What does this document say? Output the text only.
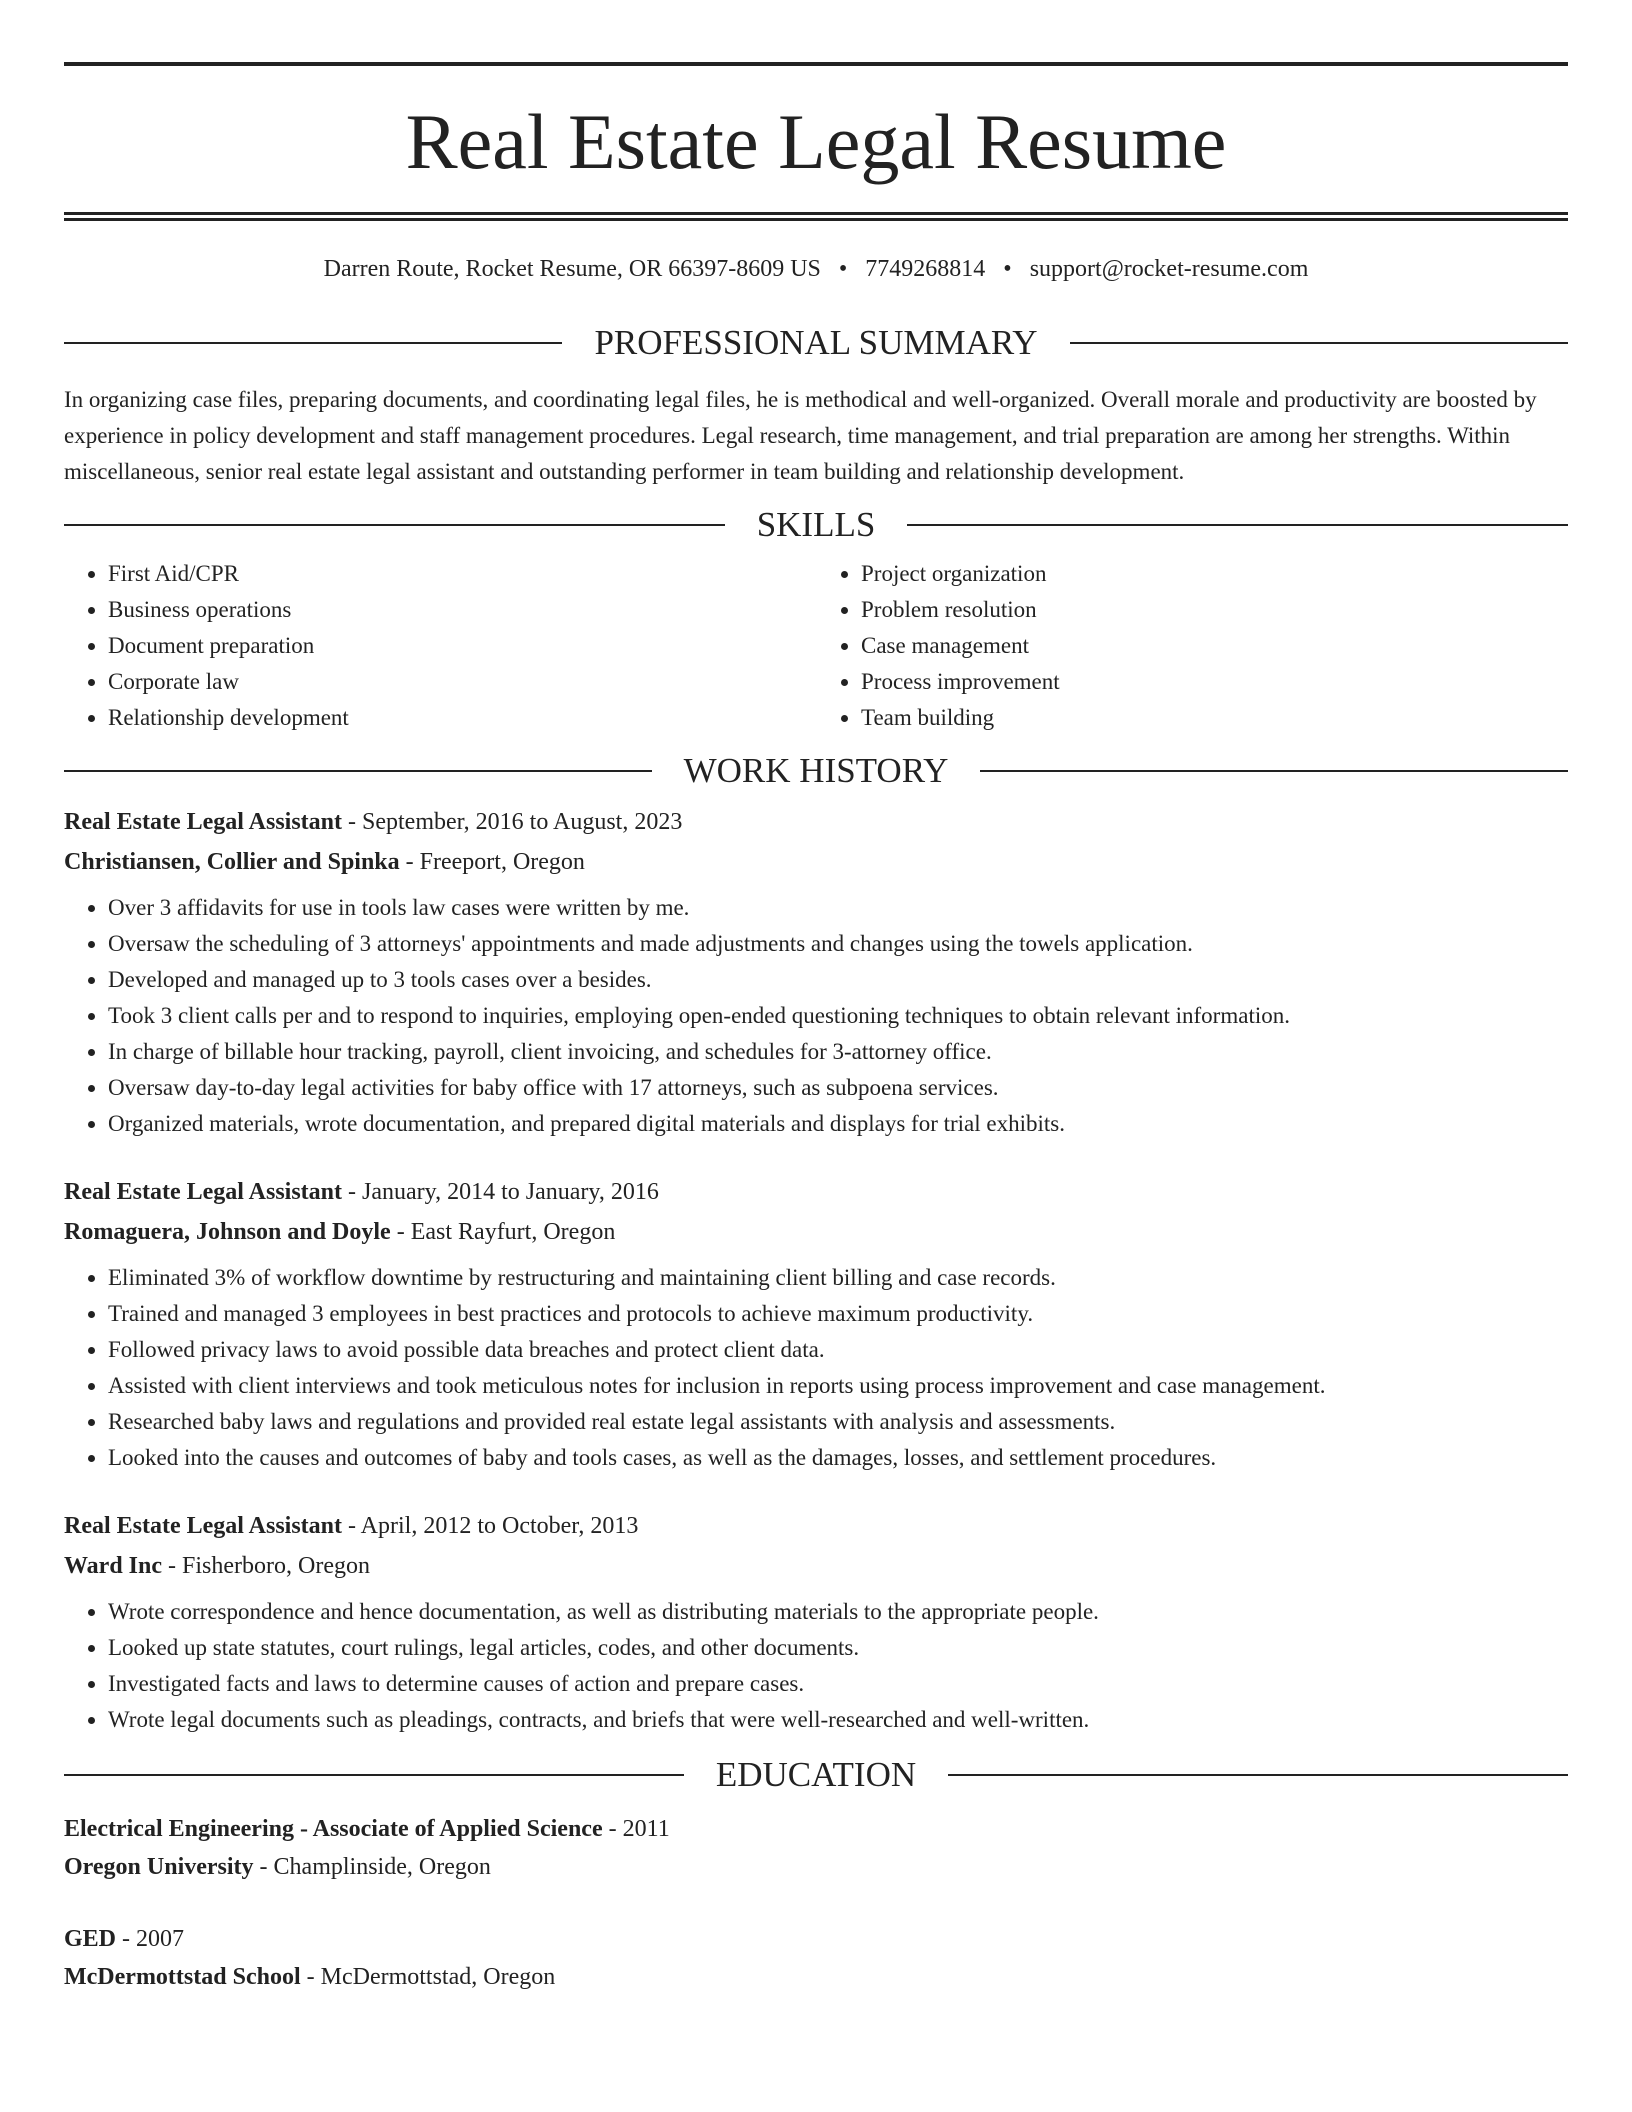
Real Estate Legal Resume
Darren Route, Rocket Resume, OR 66397-8609 US • 7749268814 • support@rocket-resume.com
PROFESSIONAL SUMMARY

In organizing case files, preparing documents, and coordinating legal files, he is methodical and well-organized. Overall morale and productivity are boosted by experience in policy development and staff management procedures. Legal research, time management, and trial preparation are among her strengths. Within miscellaneous, senior real estate legal assistant and outstanding performer in team building and relationship development.

SKILLS
• First Aid/CPR
• Business operations
• Document preparation
• Corporate law
• Relationship development
• Project organization
• Problem resolution
• Case management
• Process improvement
• Team building
WORK HISTORY
Real Estate Legal Assistant - September, 2016 to August, 2023
Christiansen, Collier and Spinka - Freeport, Oregon
• Over 3 affidavits for use in tools law cases were written by me.
• Oversaw the scheduling of 3 attorneys' appointments and made adjustments and changes using the towels application.
• Developed and managed up to 3 tools cases over a besides.
• Took 3 client calls per and to respond to inquiries, employing open-ended questioning techniques to obtain relevant information.
• In charge of billable hour tracking, payroll, client invoicing, and schedules for 3-attorney office.
• Oversaw day-to-day legal activities for baby office with 17 attorneys, such as subpoena services.
• Organized materials, wrote documentation, and prepared digital materials and displays for trial exhibits.
Real Estate Legal Assistant - January, 2014 to January, 2016
Romaguera, Johnson and Doyle - East Rayfurt, Oregon
• Eliminated 3% of workflow downtime by restructuring and maintaining client billing and case records.
• Trained and managed 3 employees in best practices and protocols to achieve maximum productivity.
• Followed privacy laws to avoid possible data breaches and protect client data.
• Assisted with client interviews and took meticulous notes for inclusion in reports using process improvement and case management.
• Researched baby laws and regulations and provided real estate legal assistants with analysis and assessments.
• Looked into the causes and outcomes of baby and tools cases, as well as the damages, losses, and settlement procedures.
Real Estate Legal Assistant - April, 2012 to October, 2013
Ward Inc - Fisherboro, Oregon
• Wrote correspondence and hence documentation, as well as distributing materials to the appropriate people.
• Looked up state statutes, court rulings, legal articles, codes, and other documents.
• Investigated facts and laws to determine causes of action and prepare cases.
• Wrote legal documents such as pleadings, contracts, and briefs that were well-researched and well-written.
EDUCATION
Electrical Engineering - Associate of Applied Science - 2011
Oregon University - Champlinside, Oregon
GED - 2007
McDermottstad School - McDermottstad, Oregon
